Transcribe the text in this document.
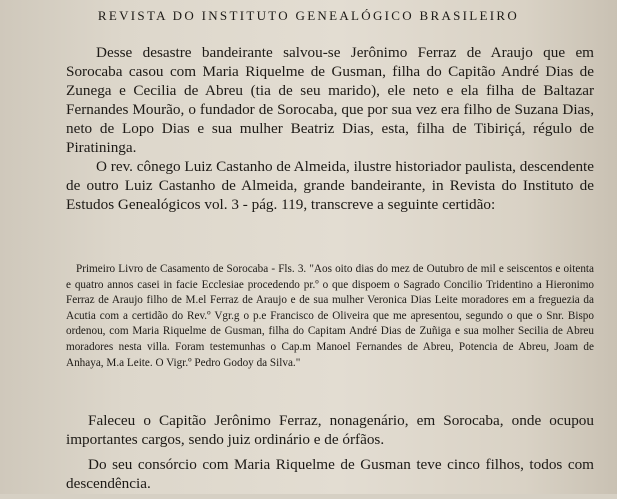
REVISTA DO INSTITUTO GENEALÓGICO BRASILEIRO

Desse desastre bandeirante salvou-se Jerônimo Ferraz de Araujo que em Sorocaba casou com Maria Riquelme de Gusman, filha do Capitão André Dias de Zunega e Cecilia de Abreu (tia de seu marido), ele neto e ela filha de Baltazar Fernandes Mourão, o fundador de Sorocaba, que por sua vez era filho de Suzana Dias, neto de Lopo Dias e sua mulher Beatriz Dias, esta, filha de Tibiriçá, régulo de Piratininga.

O rev. cônego Luiz Castanho de Almeida, ilustre historiador paulista, descendente de outro Luiz Castanho de Almeida, grande bandeirante, in Revista do Instituto de Estudos Genealógicos vol. 3 - pág. 119, transcreve a seguinte certidão:

Primeiro Livro de Casamento de Sorocaba - Fls. 3. "Aos oito dias do mez de Outubro de mil e seiscentos e oitenta e quatro annos casei in facie Ecclesiae procedendo pr.º o que dispoem o Sagrado Concilio Tridentino a Hieronimo Ferraz de Araujo filho de M.el Ferraz de Araujo e de sua mulher Veronica Dias Leite moradores em a freguezia da Acutia com a certidão do Rev.º Vgr.g o p.e Francisco de Oliveira que me apresentou, segundo o que o Snr. Bispo ordenou, com Maria Riquelme de Gusman, filha do Capitam André Dias de Zuñiga e sua molher Secilia de Abreu moradores nesta villa. Foram testemunhas o Cap.m Manoel Fernandes de Abreu, Potencia de Abreu, Joam de Anhaya, M.a Leite. O Vigr.º Pedro Godoy da Silva."

Faleceu o Capitão Jerônimo Ferraz, nonagenário, em Sorocaba, onde ocupou importantes cargos, sendo juiz ordinário e de órfãos.

Do seu consórcio com Maria Riquelme de Gusman teve cinco filhos, todos com descendência.
